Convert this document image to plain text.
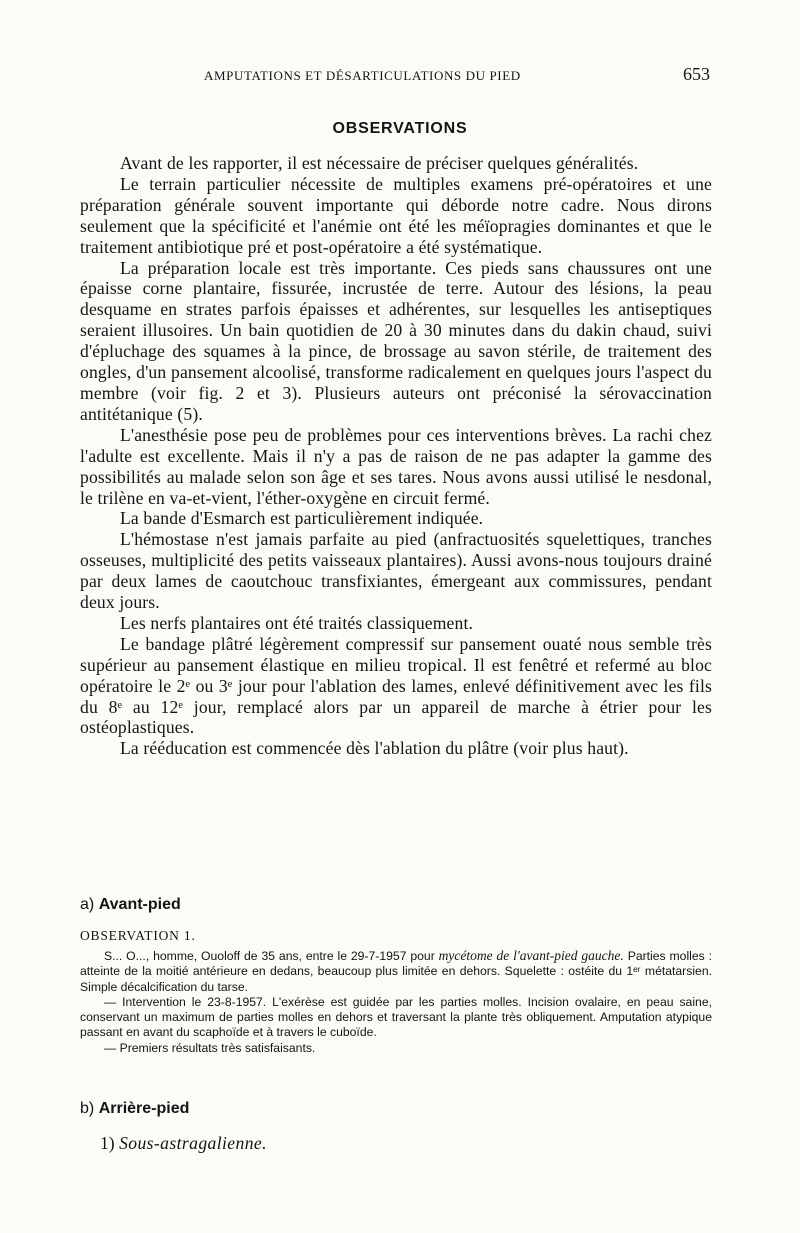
AMPUTATIONS ET DÉSARTICULATIONS DU PIED	653
OBSERVATIONS

Avant de les rapporter, il est nécessaire de préciser quelques généralités.

Le terrain particulier nécessite de multiples examens pré-opératoires et une préparation générale souvent importante qui déborde notre cadre. Nous dirons seulement que la spécificité et l'anémie ont été les méïopragies dominantes et que le traitement antibiotique pré et post-opératoire a été systématique.

La préparation locale est très importante. Ces pieds sans chaussures ont une épaisse corne plantaire, fissurée, incrustée de terre. Autour des lésions, la peau desquame en strates parfois épaisses et adhérentes, sur lesquelles les antiseptiques seraient illusoires. Un bain quotidien de 20 à 30 minutes dans du dakin chaud, suivi d'épluchage des squames à la pince, de brossage au savon stérile, de traitement des ongles, d'un pansement alcoolisé, transforme radicalement en quelques jours l'aspect du membre (voir fig. 2 et 3). Plusieurs auteurs ont préconisé la sérovaccination antitétanique (5).

L'anesthésie pose peu de problèmes pour ces interventions brèves. La rachi chez l'adulte est excellente. Mais il n'y a pas de raison de ne pas adapter la gamme des possibilités au malade selon son âge et ses tares. Nous avons aussi utilisé le nesdonal, le trilène en va-et-vient, l'éther-oxygène en circuit fermé.

La bande d'Esmarch est particulièrement indiquée.

L'hémostase n'est jamais parfaite au pied (anfractuosités squelettiques, tranches osseuses, multiplicité des petits vaisseaux plantaires). Aussi avons-nous toujours drainé par deux lames de caoutchouc transfixiantes, émergeant aux commissures, pendant deux jours.

Les nerfs plantaires ont été traités classiquement.

Le bandage plâtré légèrement compressif sur pansement ouaté nous semble très supérieur au pansement élastique en milieu tropical. Il est fenêtré et refermé au bloc opératoire le 2ᵉ ou 3ᵉ jour pour l'ablation des lames, enlevé définitivement avec les fils du 8ᵉ au 12ᵉ jour, remplacé alors par un appareil de marche à étrier pour les ostéoplastiques.

La rééducation est commencée dès l'ablation du plâtre (voir plus haut).

a) Avant-pied
OBSERVATION 1.

S... O..., homme, Ouoloff de 35 ans, entre le 29-7-1957 pour mycétome de l'avant-pied gauche. Parties molles : atteinte de la moitié antérieure en dedans, beaucoup plus limitée en dehors. Squelette : ostéite du 1ᵉʳ métatarsien. Simple décalcification du tarse.

— Intervention le 23-8-1957. L'exérèse est guidée par les parties molles. Incision ovalaire, en peau saine, conservant un maximum de parties molles en dehors et traversant la plante très obliquement. Amputation atypique passant en avant du scaphoïde et à travers le cuboïde.

— Premiers résultats très satisfaisants.

b) Arrière-pied
1) Sous-astragalienne.
